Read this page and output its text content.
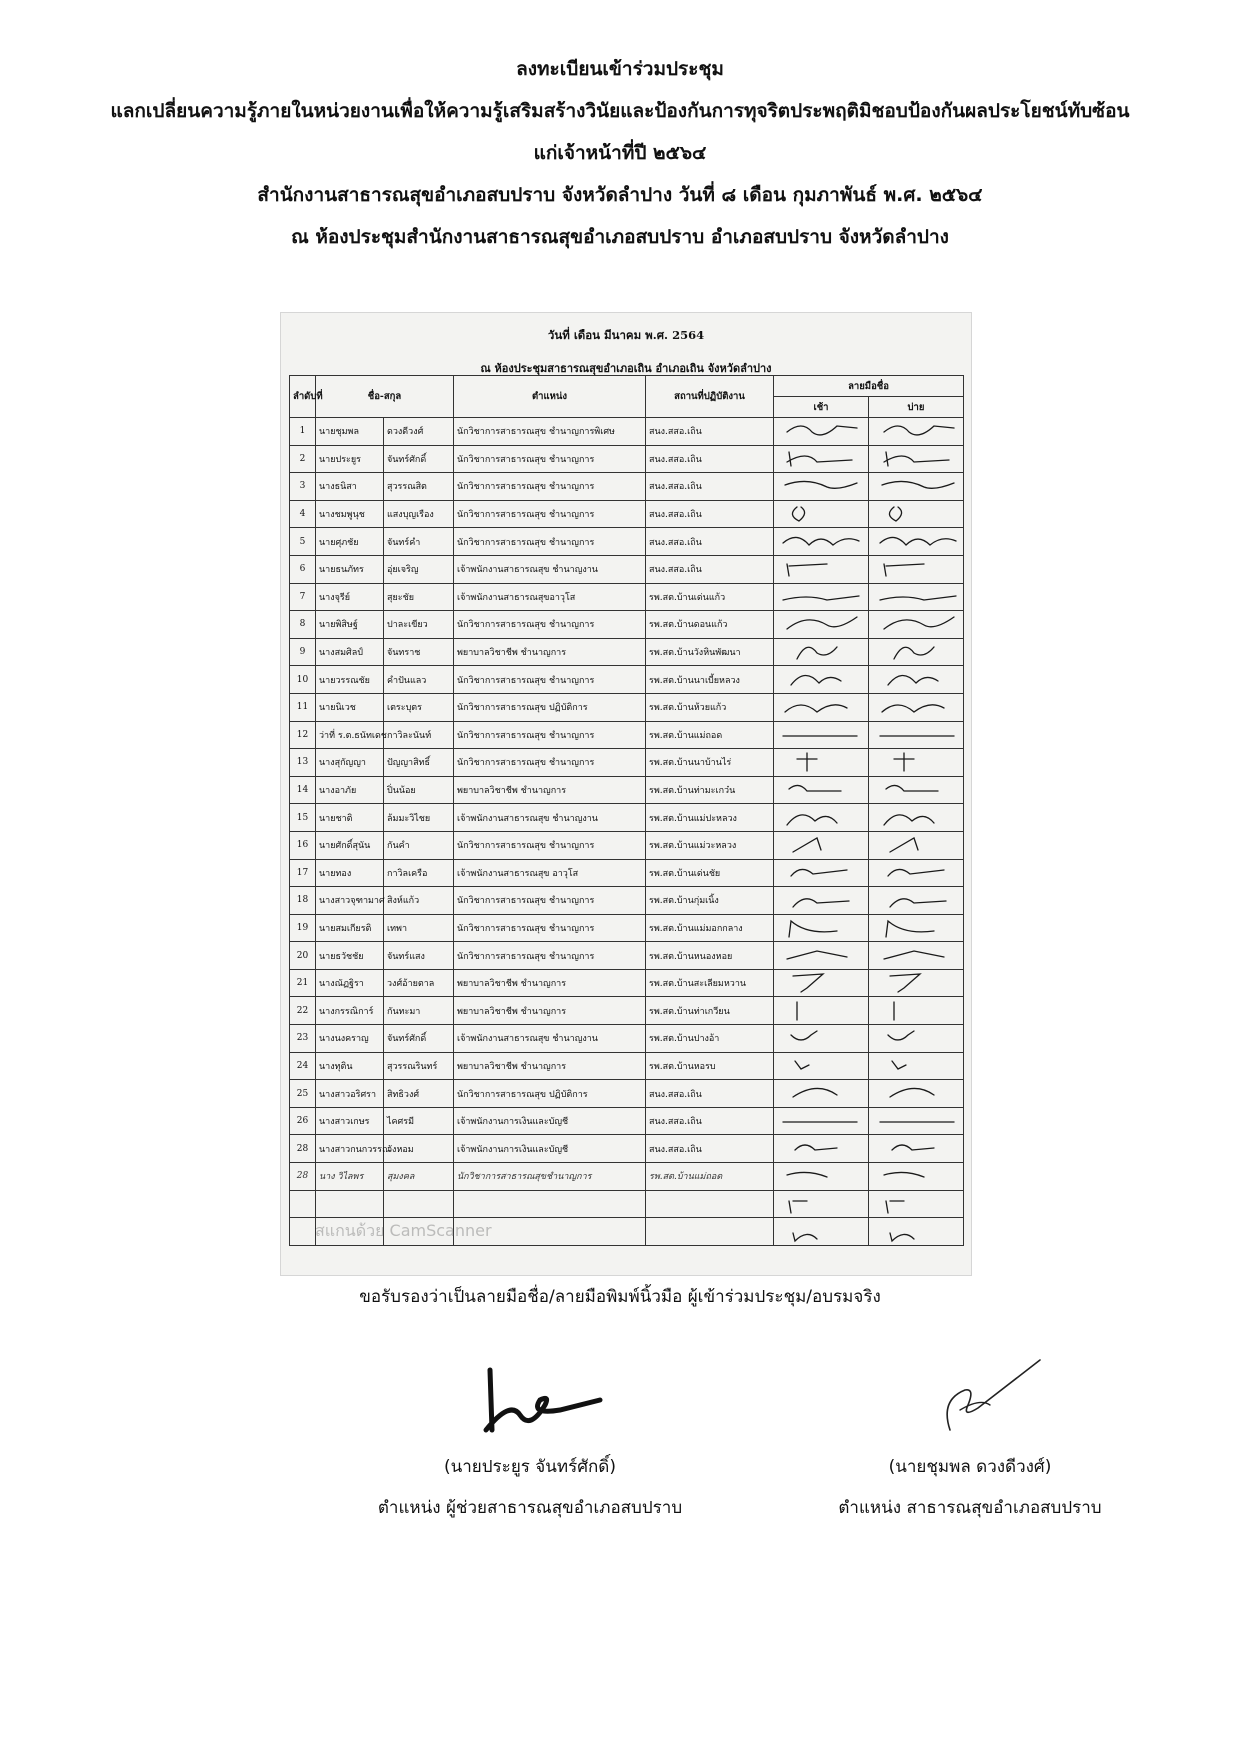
ลงทะเบียนเข้าร่วมประชุม
แลกเปลี่ยนความรู้ภายในหน่วยงานเพื่อให้ความรู้เสริมสร้างวินัยและป้องกันการทุจริตประพฤติมิชอบป้องกันผลประโยชน์ทับซ้อน
แก่เจ้าหน้าที่ปี ๒๕๖๔
สำนักงานสาธารณสุขอำเภอสบปราบ จังหวัดลำปาง วันที่ ๘ เดือน กุมภาพันธ์ พ.ศ. ๒๕๖๔
ณ ห้องประชุมสำนักงานสาธารณสุขอำเภอสบปราบ อำเภอสบปราบ จังหวัดลำปาง
วันที่ เดือน มีนาคม พ.ศ. 2564
ณ ห้องประชุมสาธารณสุขอำเภอเถิน อำเภอเถิน จังหวัดลำปาง
ลำดับที่	ชื่อ-สกุล		ตำแหน่ง	สถานที่ปฏิบัติงาน	ลายมือชื่อ	
					เช้า	บ่าย
1	นายชุมพล	ดวงดีวงศ์	นักวิชาการสาธารณสุข ชำนาญการพิเศษ	สนง.สสอ.เถิน	

2	นายประยูร	จันทร์ศักดิ์	นักวิชาการสาธารณสุข ชำนาญการ	สนง.สสอ.เถิน	

3	นางธนิสา	สุวรรณสิต	นักวิชาการสาธารณสุข ชำนาญการ	สนง.สสอ.เถิน	

4	นางชมพูนุช	แสงบุญเรือง	นักวิชาการสาธารณสุข ชำนาญการ	สนง.สสอ.เถิน	

5	นายศุภชัย	จันทร์คำ	นักวิชาการสาธารณสุข ชำนาญการ	สนง.สสอ.เถิน	

6	นายธนภัทร	อุ่ยเจริญ	เจ้าพนักงานสาธารณสุข ชำนาญงาน	สนง.สสอ.เถิน	

7	นางจุรีย์	สุยะชัย	เจ้าพนักงานสาธารณสุขอาวุโส	รพ.สต.บ้านเด่นแก้ว	

8	นายพิสิษฐ์	ปาละเขียว	นักวิชาการสาธารณสุข ชำนาญการ	รพ.สต.บ้านดอนแก้ว	

9	นางสมศิลป์	จันทราช	พยาบาลวิชาชีพ ชำนาญการ	รพ.สต.บ้านวังหินพัฒนา	

10	นายวรรณชัย	คำปันแลว	นักวิชาการสาธารณสุข ชำนาญการ	รพ.สต.บ้านนาเบี้ยหลวง	

11	นายนิเวช	เตระบุตร	นักวิชาการสาธารณสุข ปฏิบัติการ	รพ.สต.บ้านห้วยแก้ว	

12	ว่าที่ ร.ต.ธนัทเดช	กาวิละนันท์	นักวิชาการสาธารณสุข ชำนาญการ	รพ.สต.บ้านแม่ถอด	

13	นางสุกัญญา	ปัญญาสิทธิ์	นักวิชาการสาธารณสุข ชำนาญการ	รพ.สต.บ้านนาบ้านไร่	

14	นางอาภัย	ปิ่นน้อย	พยาบาลวิชาชีพ ชำนาญการ	รพ.สต.บ้านท่ามะเกว๋น	

15	นายชาติ	ล้มมะวิไชย	เจ้าพนักงานสาธารณสุข ชำนาญงาน	รพ.สต.บ้านแม่ปะหลวง	

16	นายศักดิ์สุนัน	กันคำ	นักวิชาการสาธารณสุข ชำนาญการ	รพ.สต.บ้านแม่วะหลวง	

17	นายทอง	กาวิลเครือ	เจ้าพนักงานสาธารณสุข อาวุโส	รพ.สต.บ้านเด่นชัย	

18	นางสาวจุฑามาศ	สิงห์แก้ว	นักวิชาการสาธารณสุข ชำนาญการ	รพ.สต.บ้านกุ่มเนิ้ง	

19	นายสมเกียรติ	เทพา	นักวิชาการสาธารณสุข ชำนาญการ	รพ.สต.บ้านแม่มอกกลาง	

20	นายธวัชชัย	จันทร์แสง	นักวิชาการสาธารณสุข ชำนาญการ	รพ.สต.บ้านหนองหอย	

21	นางณัฏฐิรา	วงศ์อ้ายตาล	พยาบาลวิชาชีพ ชำนาญการ	รพ.สต.บ้านสะเลียมหวาน	

22	นางกรรณิการ์	กันทะมา	พยาบาลวิชาชีพ ชำนาญการ	รพ.สต.บ้านท่าเกวียน	

23	นางนงคราญ	จันทร์ศักดิ์	เจ้าพนักงานสาธารณสุข ชำนาญงาน	รพ.สต.บ้านปางอ้า	

24	นางทุติน	สุวรรณรินทร์	พยาบาลวิชาชีพ ชำนาญการ	รพ.สต.บ้านหอรบ	

25	นางสาวอริศรา	สิทธิวงศ์	นักวิชาการสาธารณสุข ปฏิบัติการ	สนง.สสอ.เถิน	

26	นางสาวเกษร	ไคศรมี	เจ้าพนักงานการเงินและบัญชี	สนง.สสอ.เถิน	

28	นางสาวกนกวรรณ	วังหอม	เจ้าพนักงานการเงินและบัญชี	สนง.สสอ.เถิน	

28	นาง วิไลพร	สุมงคล	นักวิชาการสาธารณสุขชำนาญการ	รพ.สต.บ้านแม่ถอด	

สแกนด้วย CamScanner
ขอรับรองว่าเป็นลายมือชื่อ/ลายมือพิมพ์นิ้วมือ ผู้เข้าร่วมประชุม/อบรมจริง
(นายประยูร จันทร์ศักดิ์)
ตำแหน่ง ผู้ช่วยสาธารณสุขอำเภอสบปราบ
(นายชุมพล ดวงดีวงศ์)
ตำแหน่ง สาธารณสุขอำเภอสบปราบ
